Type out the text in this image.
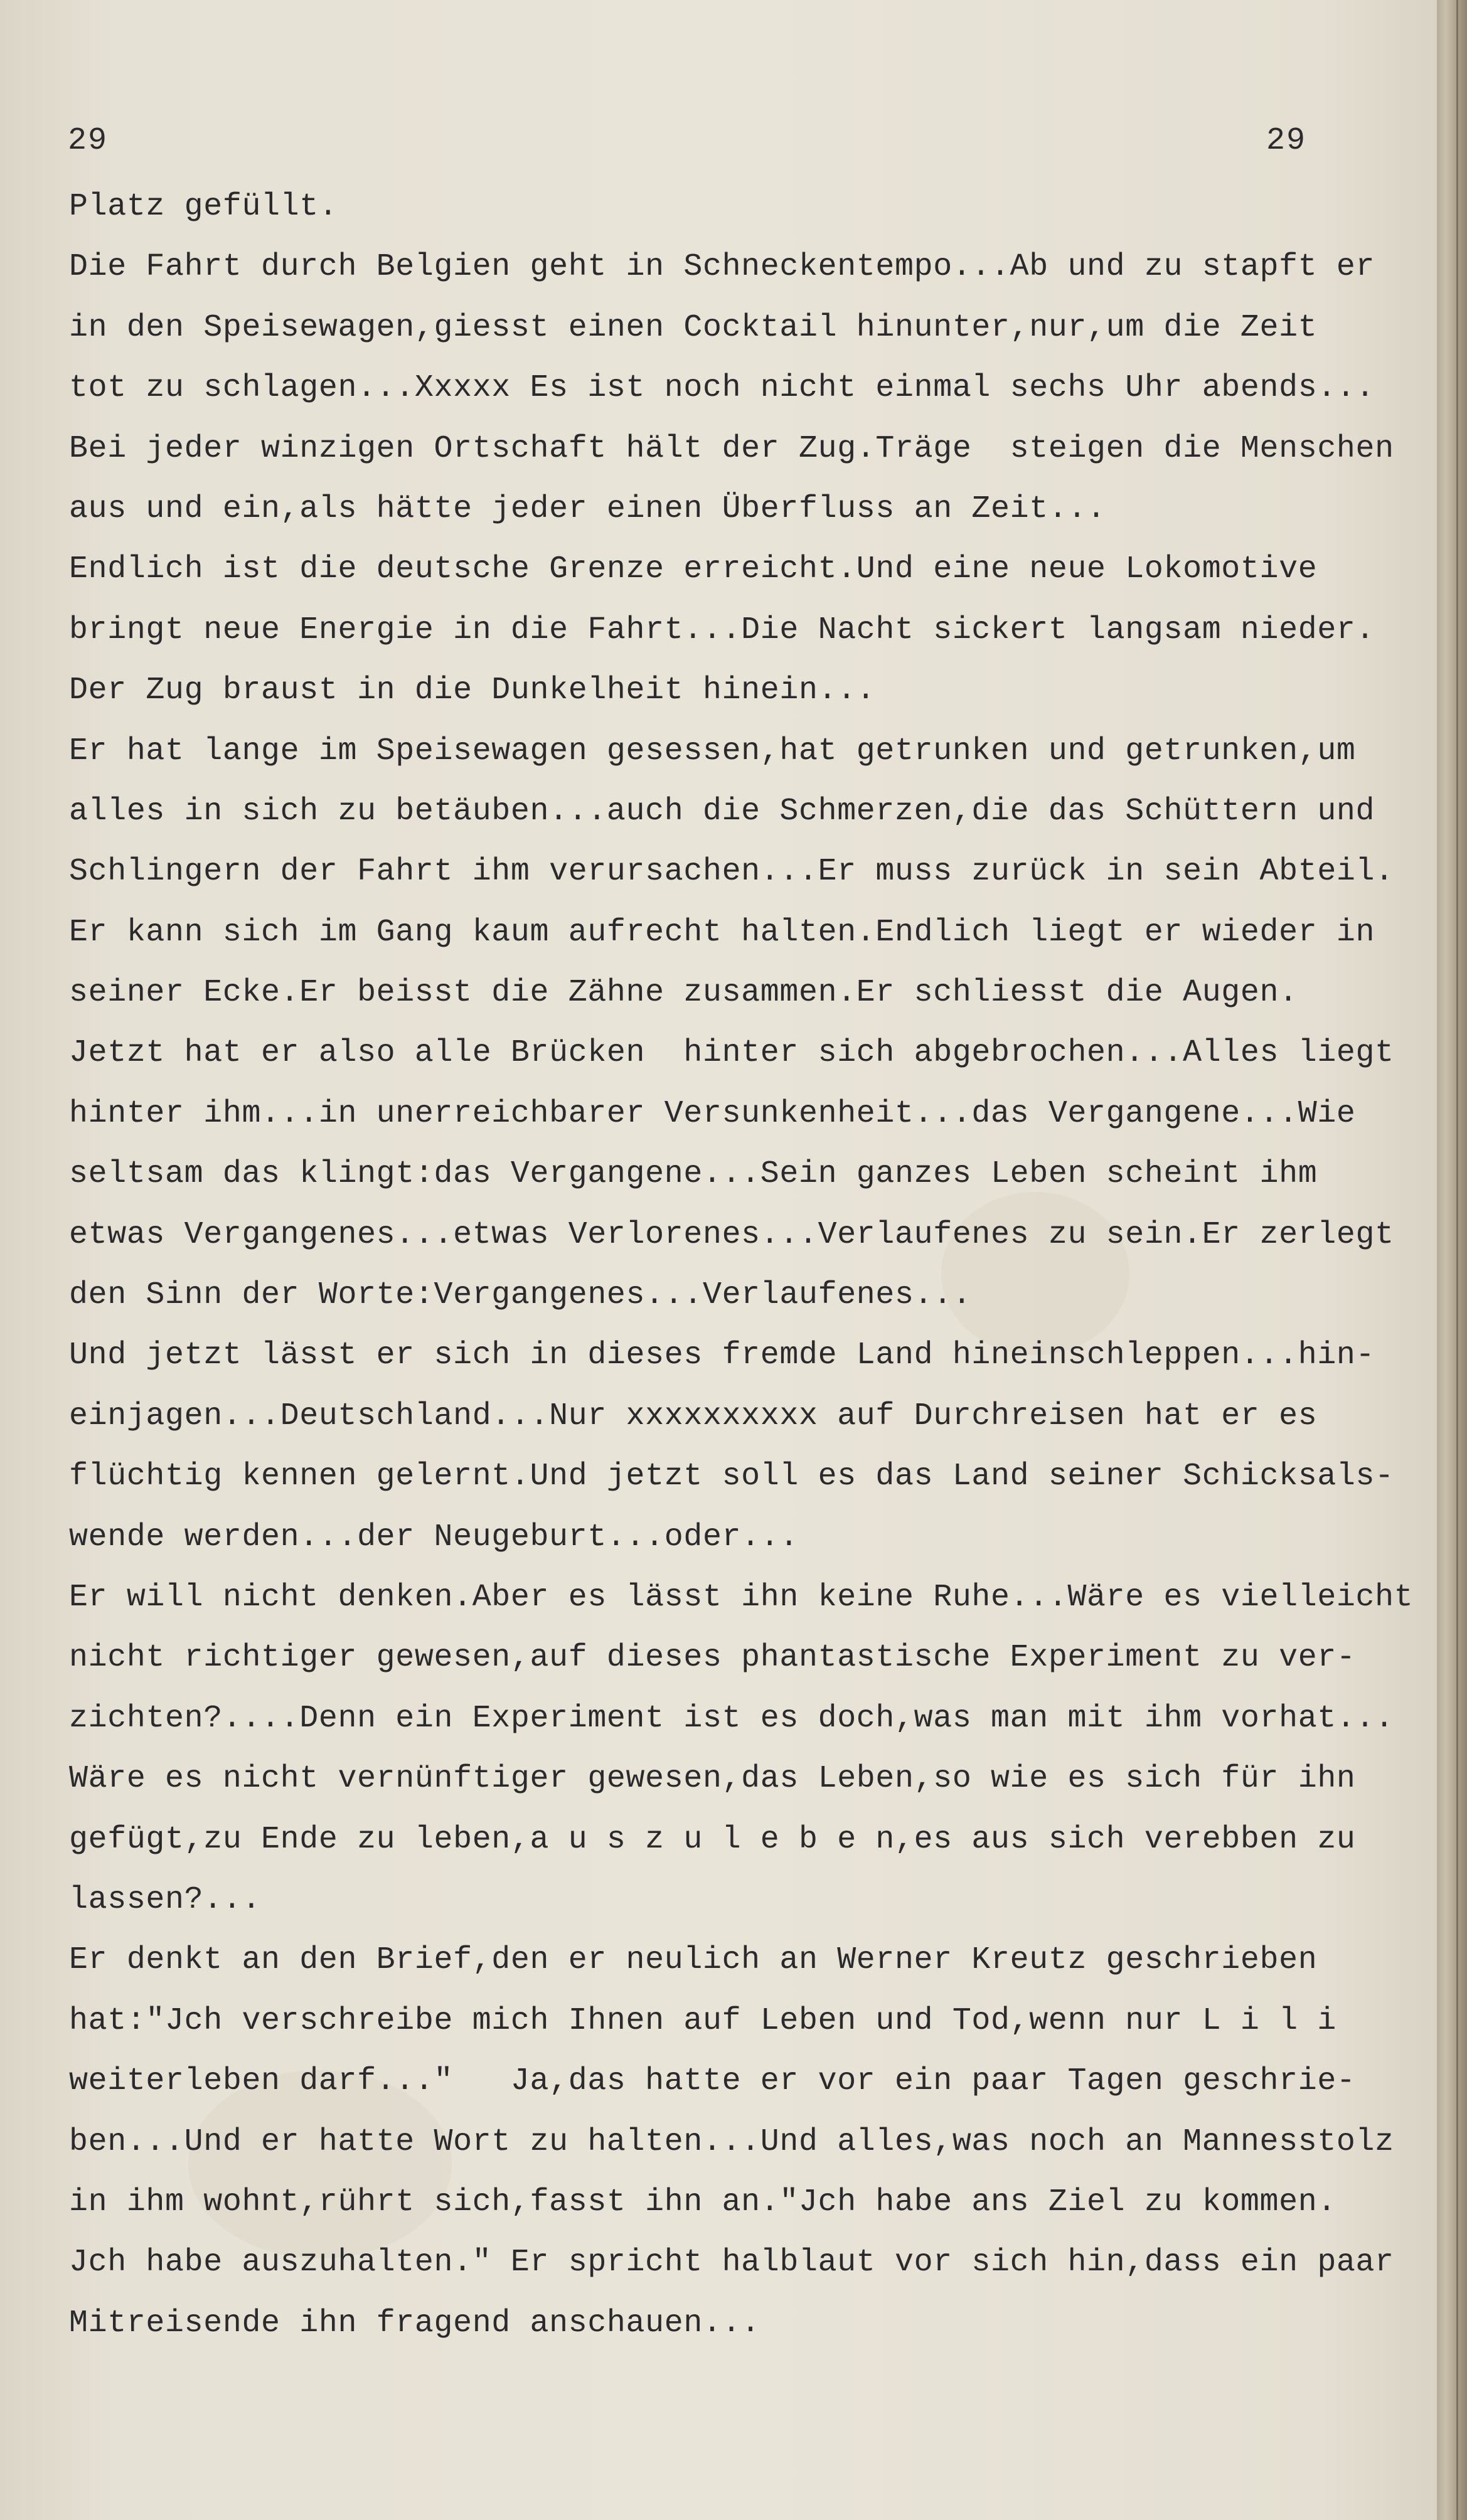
29	29
Platz gefüllt.
Die Fahrt durch Belgien geht in Schneckentempo...Ab und zu stapft er
in den Speisewagen,giesst einen Cocktail hinunter,nur,um die Zeit
tot zu schlagen...Xxxxx Es ist noch nicht einmal sechs Uhr abends...
Bei jeder winzigen Ortschaft hält der Zug.Träge  steigen die Menschen
aus und ein,als hätte jeder einen Überfluss an Zeit...
Endlich ist die deutsche Grenze erreicht.Und eine neue Lokomotive
bringt neue Energie in die Fahrt...Die Nacht sickert langsam nieder.
Der Zug braust in die Dunkelheit hinein...
Er hat lange im Speisewagen gesessen,hat getrunken und getrunken,um
alles in sich zu betäuben...auch die Schmerzen,die das Schüttern und
Schlingern der Fahrt ihm verursachen...Er muss zurück in sein Abteil.
Er kann sich im Gang kaum aufrecht halten.Endlich liegt er wieder in
seiner Ecke.Er beisst die Zähne zusammen.Er schliesst die Augen.
Jetzt hat er also alle Brücken  hinter sich abgebrochen...Alles liegt
hinter ihm...in unerreichbarer Versunkenheit...das Vergangene...Wie
seltsam das klingt:das Vergangene...Sein ganzes Leben scheint ihm
etwas Vergangenes...etwas Verlorenes...Verlaufenes zu sein.Er zerlegt
den Sinn der Worte:Vergangenes...Verlaufenes...
Und jetzt lässt er sich in dieses fremde Land hineinschleppen...hin-
einjagen...Deutschland...Nur xxxxxxxxxx auf Durchreisen hat er es
flüchtig kennen gelernt.Und jetzt soll es das Land seiner Schicksals-
wende werden...der Neugeburt...oder...
Er will nicht denken.Aber es lässt ihn keine Ruhe...Wäre es vielleicht
nicht richtiger gewesen,auf dieses phantastische Experiment zu ver-
zichten?....Denn ein Experiment ist es doch,was man mit ihm vorhat...
Wäre es nicht vernünftiger gewesen,das Leben,so wie es sich für ihn
gefügt,zu Ende zu leben,a u s z u l e b e n,es aus sich verebben zu
lassen?...
Er denkt an den Brief,den er neulich an Werner Kreutz geschrieben
hat:"Jch verschreibe mich Ihnen auf Leben und Tod,wenn nur L i l i
weiterleben darf..."   Ja,das hatte er vor ein paar Tagen geschrie-
ben...Und er hatte Wort zu halten...Und alles,was noch an Mannesstolz
in ihm wohnt,rührt sich,fasst ihn an."Jch habe ans Ziel zu kommen.
Jch habe auszuhalten." Er spricht halblaut vor sich hin,dass ein paar
Mitreisende ihn fragend anschauen...
